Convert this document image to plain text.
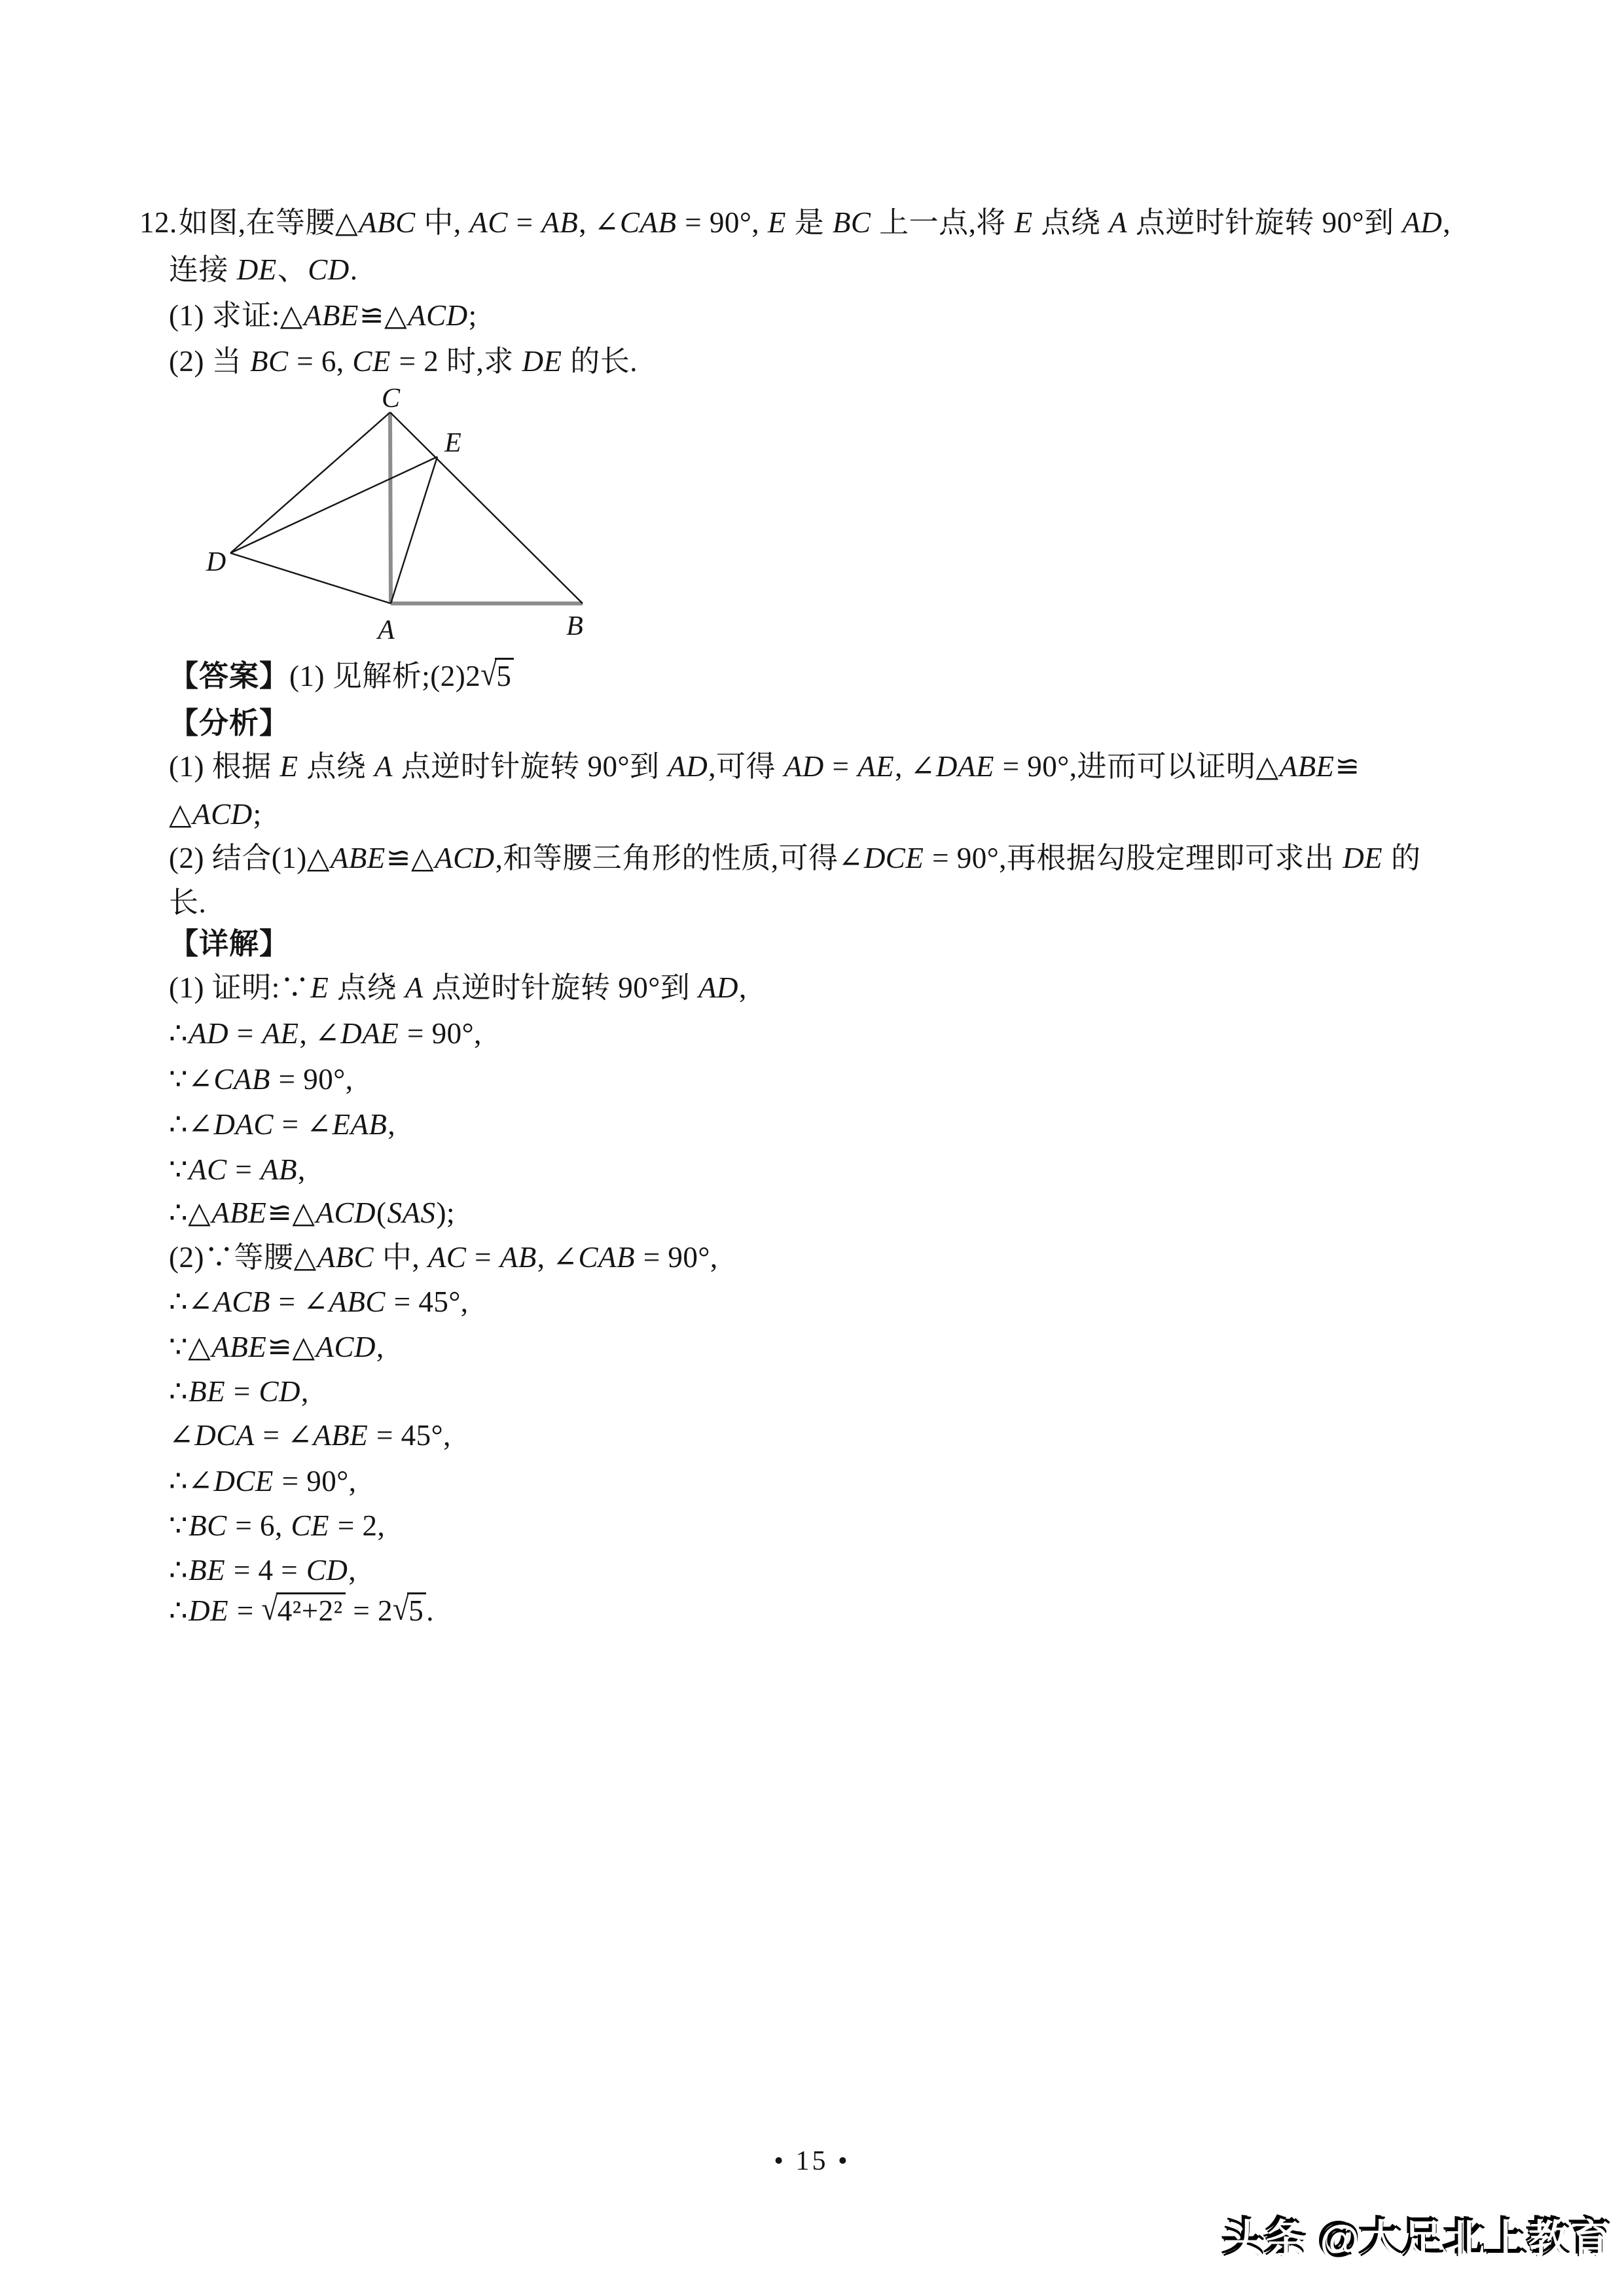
12.如图,在等腰△ABC 中, AC = AB, ∠CAB = 90°, E 是 BC 上一点,将 E 点绕 A 点逆时针旋转 90°到 AD,
连接 DE、CD.
(1) 求证:△ABE≌△ACD;
(2) 当 BC = 6, CE = 2 时,求 DE 的长.
C
E
D
A	B
【答案】(1) 见解析;(2)2√5
【分析】
(1) 根据 E 点绕 A 点逆时针旋转 90°到 AD,可得 AD = AE, ∠DAE = 90°,进而可以证明△ABE≌
△ACD;
(2) 结合(1)△ABE≌△ACD,和等腰三角形的性质,可得∠DCE = 90°,再根据勾股定理即可求出 DE 的
长.
【详解】
(1) 证明:∵E 点绕 A 点逆时针旋转 90°到 AD,
∴AD = AE, ∠DAE = 90°,
∵∠CAB = 90°,
∴∠DAC = ∠EAB,
∵AC = AB,
∴△ABE≌△ACD(SAS);
(2)∵等腰△ABC 中, AC = AB, ∠CAB = 90°,
∴∠ACB = ∠ABC = 45°,
∵△ABE≌△ACD,
∴BE = CD,
∠DCA = ∠ABE = 45°,
∴∠DCE = 90°,
∵BC = 6, CE = 2,
∴BE = 4 = CD,
∴DE = √4²+2² = 2√5.
• 15 •
头条 @大足北上教育
